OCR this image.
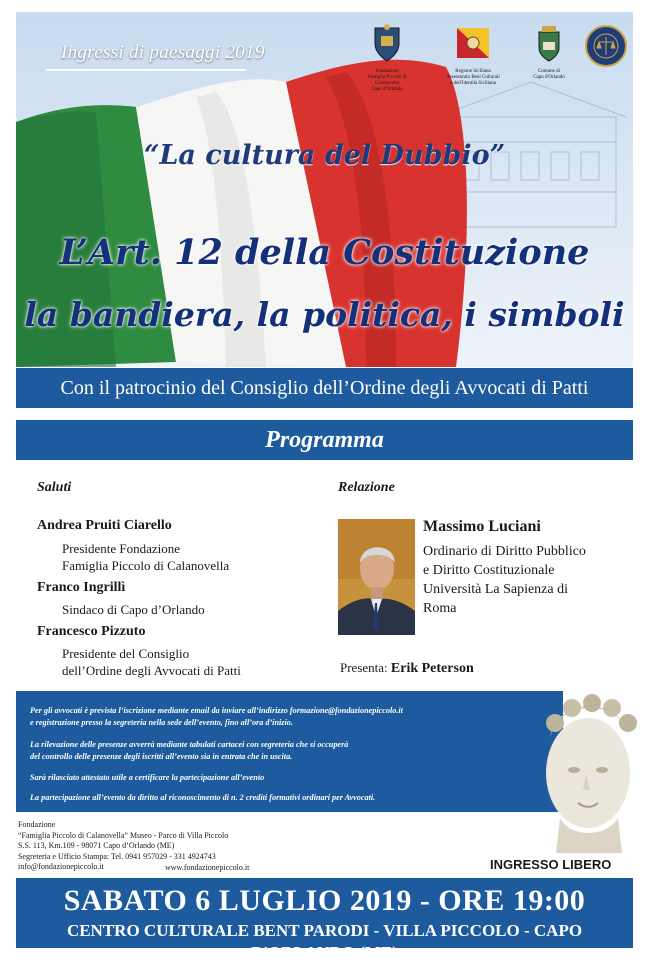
Ingressi di paesaggi 2019
Fondazione
Famiglia Piccolo di Calanovella
Capo d'Orlando
Regione Siciliana
Assessorato Beni Culturali
e dell'Identità Siciliana
Comune di
Capo d'Orlando
“La cultura del Dubbio”
L’Art. 12 della Costituzione
la bandiera, la politica, i simboli
Con il patrocinio del Consiglio dell’Ordine degli Avvocati di Patti
Programma
Saluti
Andrea Pruiti Ciarello
Presidente Fondazione
Famiglia Piccolo di Calanovella
Franco Ingrillì
Sindaco di Capo d’Orlando
Francesco Pizzuto
Presidente del Consiglio
dell’Ordine degli Avvocati di Patti
Relazione
Massimo Luciani
Ordinario di Diritto Pubblico
e Diritto Costituzionale
Università La Sapienza di
Roma
Presenta: Erik Peterson

Per gli avvocati è prevista l’iscrizione mediante email da inviare all’indirizzo formazione@fondazionepiccolo.it

e registrazione presso la segreteria nella sede dell’evento, fino all’ora d’inizio.

La rilevazione delle presenze avverrà mediante tabulati cartacei con segreteria che si occuperà

del controllo delle presenze degli iscritti all’evento sia in entrata che in uscita.

Sarà rilasciato attestato utile a certificare la partecipazione all’evento

La partecipazione all’evento da diritto al riconoscimento di n. 2 crediti formativi ordinari per Avvocati.

INGRESSO LIBERO
Fondazione
“Famiglia Piccolo di Calanovella” Museo - Parco di Villa Piccolo
S.S. 113, Km.109 - 98071 Capo d’Orlando (ME)
Segreteria e Ufficio Stampa: Tel. 0941 957029 - 331 4924743
info@fondazionepiccolo.it	www.fondazionepiccolo.it
SABATO 6 LUGLIO 2019 - ORE 19:00
CENTRO CULTURALE BENT PARODI - VILLA PICCOLO - CAPO D'ORLANDO (ME)
